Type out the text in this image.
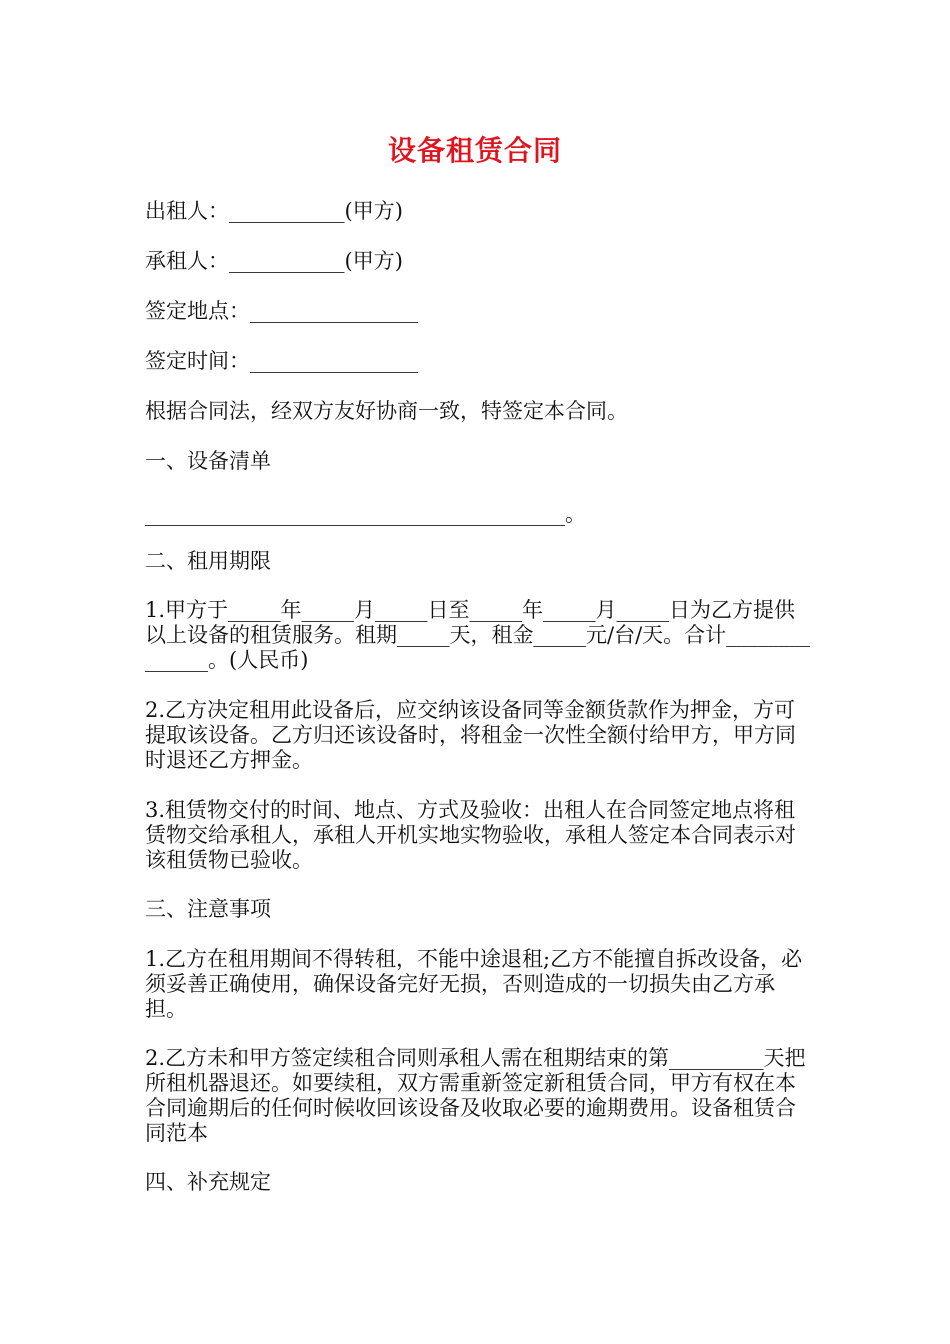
设备租赁合同
出租人：___________(甲方)
承租人：___________(甲方)
签定地点：________________
签定时间：________________
根据合同法，经双方友好协商一致，特签定本合同。
一、设备清单
________________________________________。
二、租用期限
1.甲方于_____年_____月_____日至_____年_____月_____日为乙方提供以上设备的租赁服务。租期_____天，租金_____元/台/天。合计______________。(人民币)
2.乙方决定租用此设备后，应交纳该设备同等金额货款作为押金，方可提取该设备。乙方归还该设备时，将租金一次性全额付给甲方，甲方同时退还乙方押金。
3.租赁物交付的时间、地点、方式及验收：出租人在合同签定地点将租赁物交给承租人，承租人开机实地实物验收，承租人签定本合同表示对该租赁物已验收。
三、注意事项
1.乙方在租用期间不得转租，不能中途退租;乙方不能擅自拆改设备，必须妥善正确使用，确保设备完好无损，否则造成的一切损失由乙方承担。
2.乙方未和甲方签定续租合同则承租人需在租期结束的第_________天把所租机器退还。如要续租，双方需重新签定新租赁合同，甲方有权在本合同逾期后的任何时候收回该设备及收取必要的逾期费用。设备租赁合同范本
四、补充规定
